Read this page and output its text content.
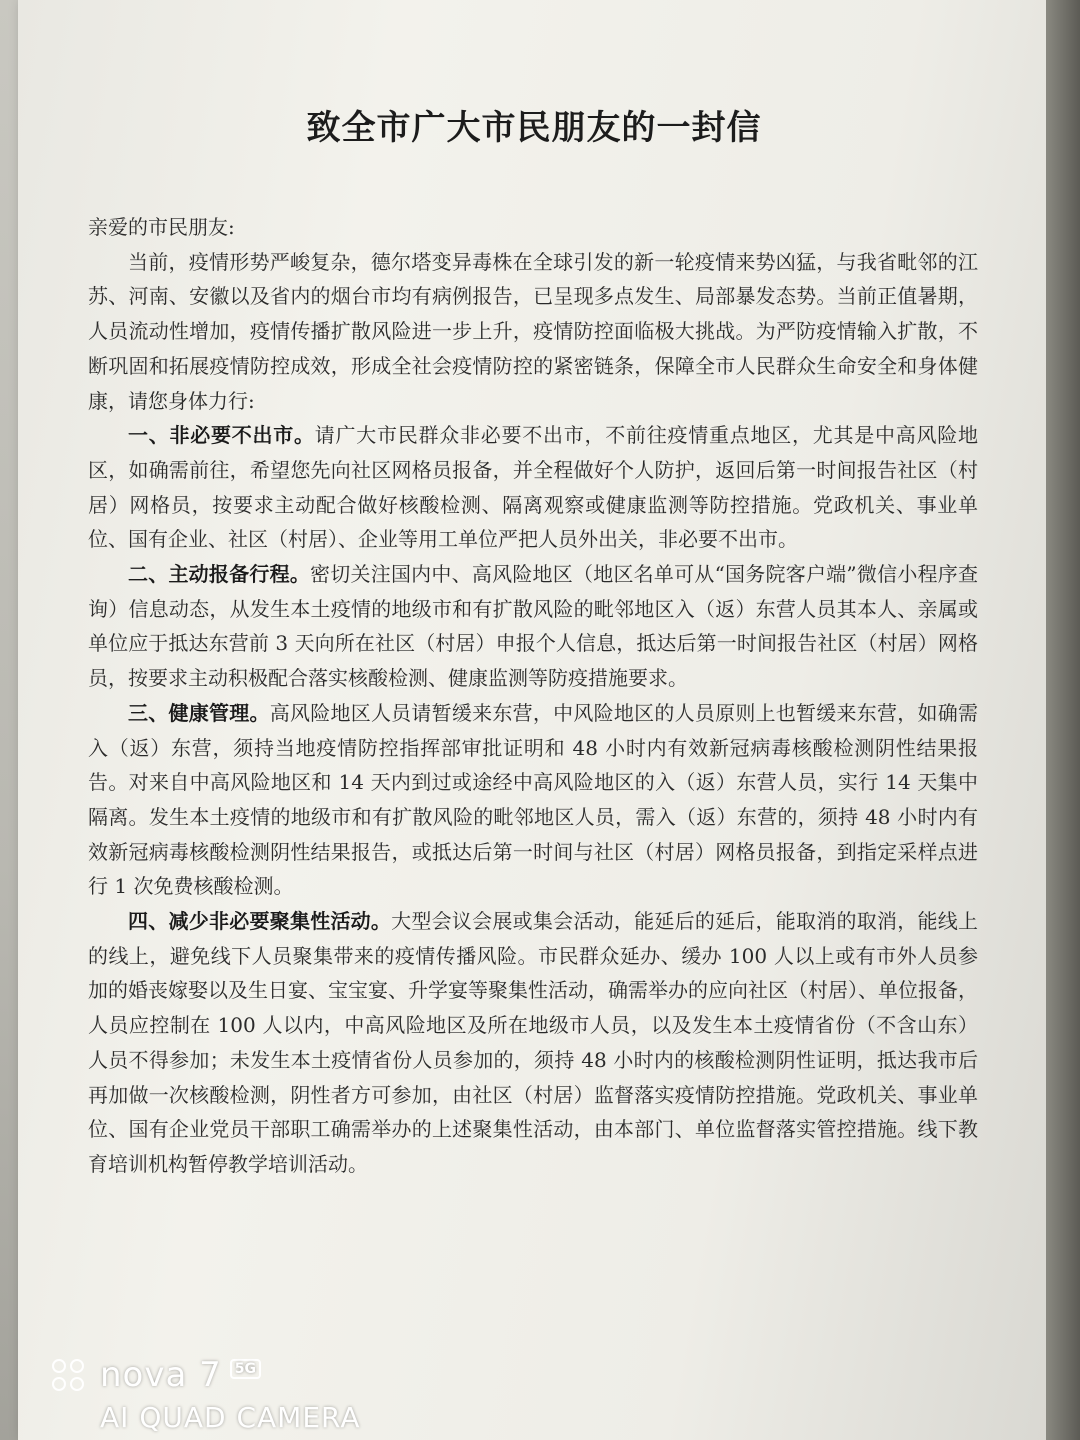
致全市广大市民朋友的一封信

亲爱的市民朋友:

当前，疫情形势严峻复杂，德尔塔变异毒株在全球引发的新一轮疫情来势凶猛，与我省毗邻的江苏、河南、安徽以及省内的烟台市均有病例报告，已呈现多点发生、局部暴发态势。当前正值暑期，人员流动性增加，疫情传播扩散风险进一步上升，疫情防控面临极大挑战。为严防疫情输入扩散，不断巩固和拓展疫情防控成效，形成全社会疫情防控的紧密链条，保障全市人民群众生命安全和身体健康，请您身体力行:

一、非必要不出市。请广大市民群众非必要不出市，不前往疫情重点地区，尤其是中高风险地区，如确需前往，希望您先向社区网格员报备，并全程做好个人防护，返回后第一时间报告社区（村居）网格员，按要求主动配合做好核酸检测、隔离观察或健康监测等防控措施。党政机关、事业单位、国有企业、社区（村居）、企业等用工单位严把人员外出关，非必要不出市。

二、主动报备行程。密切关注国内中、高风险地区（地区名单可从“国务院客户端”微信小程序查询）信息动态，从发生本土疫情的地级市和有扩散风险的毗邻地区入（返）东营人员其本人、亲属或单位应于抵达东营前 3 天向所在社区（村居）申报个人信息，抵达后第一时间报告社区（村居）网格员，按要求主动积极配合落实核酸检测、健康监测等防疫措施要求。

三、健康管理。高风险地区人员请暂缓来东营，中风险地区的人员原则上也暂缓来东营，如确需入（返）东营，须持当地疫情防控指挥部审批证明和 48 小时内有效新冠病毒核酸检测阴性结果报告。对来自中高风险地区和 14 天内到过或途经中高风险地区的入（返）东营人员，实行 14 天集中隔离。发生本土疫情的地级市和有扩散风险的毗邻地区人员，需入（返）东营的，须持 48 小时内有效新冠病毒核酸检测阴性结果报告，或抵达后第一时间与社区（村居）网格员报备，到指定采样点进行 1 次免费核酸检测。

四、减少非必要聚集性活动。大型会议会展或集会活动，能延后的延后，能取消的取消，能线上的线上，避免线下人员聚集带来的疫情传播风险。市民群众延办、缓办 100 人以上或有市外人员参加的婚丧嫁娶以及生日宴、宝宝宴、升学宴等聚集性活动，确需举办的应向社区（村居）、单位报备，人员应控制在 100 人以内，中高风险地区及所在地级市人员，以及发生本土疫情省份（不含山东）人员不得参加；未发生本土疫情省份人员参加的，须持 48 小时内的核酸检测阴性证明，抵达我市后再加做一次核酸检测，阴性者方可参加，由社区（村居）监督落实疫情防控措施。党政机关、事业单位、国有企业党员干部职工确需举办的上述聚集性活动，由本部门、单位监督落实管控措施。线下教育培训机构暂停教学培训活动。

nova 7 5G
AI QUAD CAMERA
